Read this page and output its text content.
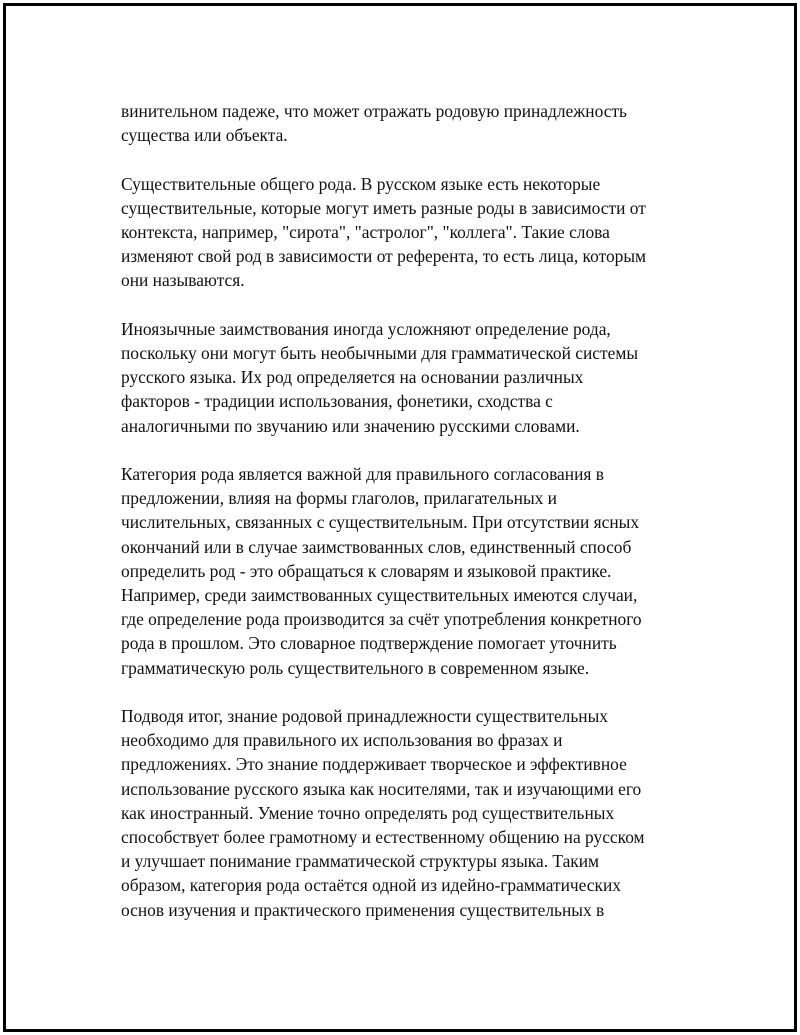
винительном падеже, что может отражать родовую принадлежность
существа или объекта.

Существительные общего рода. В русском языке есть некоторые
существительные, которые могут иметь разные роды в зависимости от
контекста, например, "сирота", "астролог", "коллега". Такие слова
изменяют свой род в зависимости от референта, то есть лица, которым
они называются.

Иноязычные заимствования иногда усложняют определение рода,
поскольку они могут быть необычными для грамматической системы
русского языка. Их род определяется на основании различных
факторов - традиции использования, фонетики, сходства с
аналогичными по звучанию или значению русскими словами.

Категория рода является важной для правильного согласования в
предложении, влияя на формы глаголов, прилагательных и
числительных, связанных с существительным. При отсутствии ясных
окончаний или в случае заимствованных слов, единственный способ
определить род - это обращаться к словарям и языковой практике.
Например, среди заимствованных существительных имеются случаи,
где определение рода производится за счёт употребления конкретного
рода в прошлом. Это словарное подтверждение помогает уточнить
грамматическую роль существительного в современном языке.

Подводя итог, знание родовой принадлежности существительных
необходимо для правильного их использования во фразах и
предложениях. Это знание поддерживает творческое и эффективное
использование русского языка как носителями, так и изучающими его
как иностранный. Умение точно определять род существительных
способствует более грамотному и естественному общению на русском
и улучшает понимание грамматической структуры языка. Таким
образом, категория рода остаётся одной из идейно-грамматических
основ изучения и практического применения существительных в
